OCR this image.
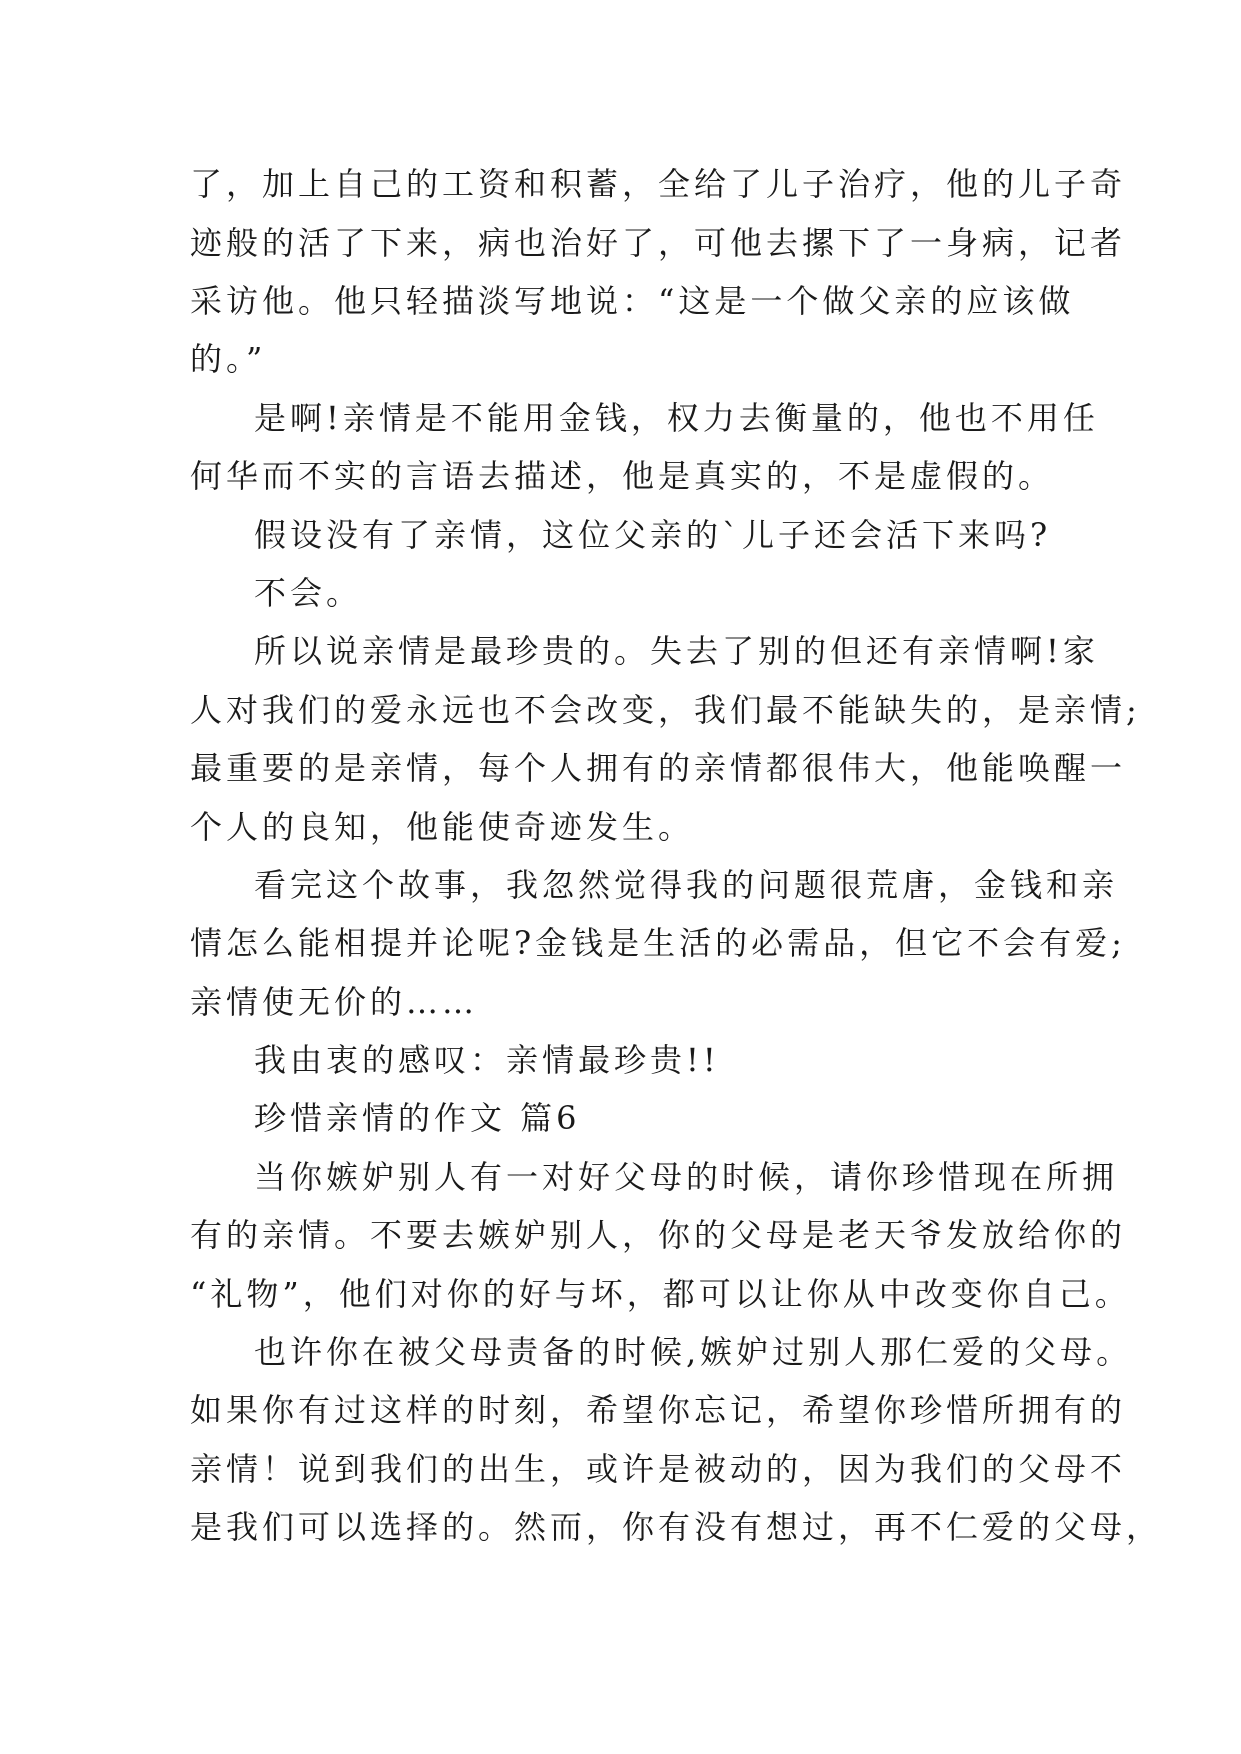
了，加上自己的工资和积蓄，全给了儿子治疗，他的儿子奇
迹般的活了下来，病也治好了，可他去摞下了一身病，记者
采访他。他只轻描淡写地说：“这是一个做父亲的应该做
的。”
是啊!亲情是不能用金钱，权力去衡量的，他也不用任
何华而不实的言语去描述，他是真实的，不是虚假的。
假设没有了亲情，这位父亲的`儿子还会活下来吗?
不会。
所以说亲情是最珍贵的。失去了别的但还有亲情啊!家
人对我们的爱永远也不会改变，我们最不能缺失的，是亲情;
最重要的是亲情，每个人拥有的亲情都很伟大，他能唤醒一
个人的良知，他能使奇迹发生。
看完这个故事，我忽然觉得我的问题很荒唐，金钱和亲
情怎么能相提并论呢?金钱是生活的必需品，但它不会有爱;
亲情使无价的……
我由衷的感叹：亲情最珍贵!!
珍惜亲情的作文 篇6
当你嫉妒别人有一对好父母的时候，请你珍惜现在所拥
有的亲情。不要去嫉妒别人，你的父母是老天爷发放给你的
“礼物”，他们对你的好与坏，都可以让你从中改变你自己。
也许你在被父母责备的时候,嫉妒过别人那仁爱的父母。
如果你有过这样的时刻，希望你忘记，希望你珍惜所拥有的
亲情！说到我们的出生，或许是被动的，因为我们的父母不
是我们可以选择的。然而，你有没有想过，再不仁爱的父母，
